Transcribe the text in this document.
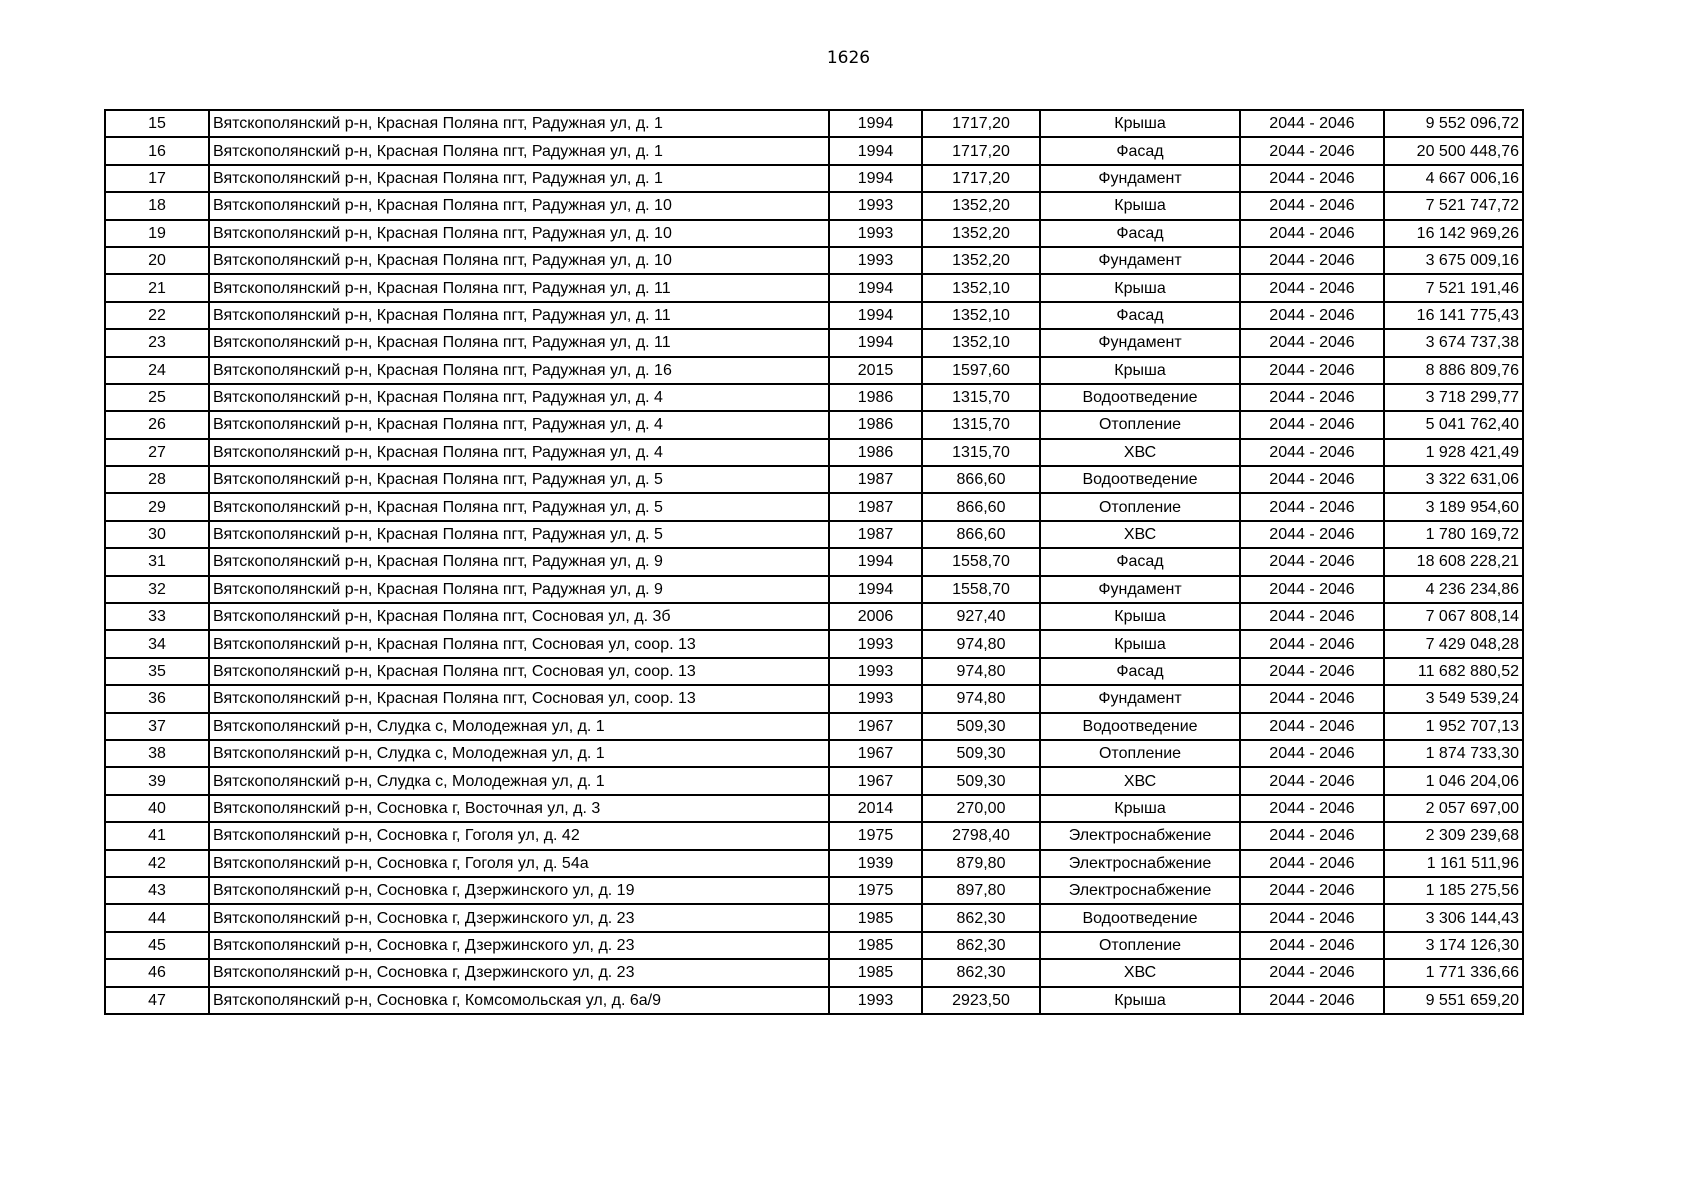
1626
15	Вятскополянский р-н, Красная Поляна пгт, Радужная ул, д. 1	1994	1717,20	Крыша	2044 - 2046	9 552 096,72
16	Вятскополянский р-н, Красная Поляна пгт, Радужная ул, д. 1	1994	1717,20	Фасад	2044 - 2046	20 500 448,76
17	Вятскополянский р-н, Красная Поляна пгт, Радужная ул, д. 1	1994	1717,20	Фундамент	2044 - 2046	4 667 006,16
18	Вятскополянский р-н, Красная Поляна пгт, Радужная ул, д. 10	1993	1352,20	Крыша	2044 - 2046	7 521 747,72
19	Вятскополянский р-н, Красная Поляна пгт, Радужная ул, д. 10	1993	1352,20	Фасад	2044 - 2046	16 142 969,26
20	Вятскополянский р-н, Красная Поляна пгт, Радужная ул, д. 10	1993	1352,20	Фундамент	2044 - 2046	3 675 009,16
21	Вятскополянский р-н, Красная Поляна пгт, Радужная ул, д. 11	1994	1352,10	Крыша	2044 - 2046	7 521 191,46
22	Вятскополянский р-н, Красная Поляна пгт, Радужная ул, д. 11	1994	1352,10	Фасад	2044 - 2046	16 141 775,43
23	Вятскополянский р-н, Красная Поляна пгт, Радужная ул, д. 11	1994	1352,10	Фундамент	2044 - 2046	3 674 737,38
24	Вятскополянский р-н, Красная Поляна пгт, Радужная ул, д. 16	2015	1597,60	Крыша	2044 - 2046	8 886 809,76
25	Вятскополянский р-н, Красная Поляна пгт, Радужная ул, д. 4	1986	1315,70	Водоотведение	2044 - 2046	3 718 299,77
26	Вятскополянский р-н, Красная Поляна пгт, Радужная ул, д. 4	1986	1315,70	Отопление	2044 - 2046	5 041 762,40
27	Вятскополянский р-н, Красная Поляна пгт, Радужная ул, д. 4	1986	1315,70	ХВС	2044 - 2046	1 928 421,49
28	Вятскополянский р-н, Красная Поляна пгт, Радужная ул, д. 5	1987	866,60	Водоотведение	2044 - 2046	3 322 631,06
29	Вятскополянский р-н, Красная Поляна пгт, Радужная ул, д. 5	1987	866,60	Отопление	2044 - 2046	3 189 954,60
30	Вятскополянский р-н, Красная Поляна пгт, Радужная ул, д. 5	1987	866,60	ХВС	2044 - 2046	1 780 169,72
31	Вятскополянский р-н, Красная Поляна пгт, Радужная ул, д. 9	1994	1558,70	Фасад	2044 - 2046	18 608 228,21
32	Вятскополянский р-н, Красная Поляна пгт, Радужная ул, д. 9	1994	1558,70	Фундамент	2044 - 2046	4 236 234,86
33	Вятскополянский р-н, Красная Поляна пгт, Сосновая ул, д. 3б	2006	927,40	Крыша	2044 - 2046	7 067 808,14
34	Вятскополянский р-н, Красная Поляна пгт, Сосновая ул, соор. 13	1993	974,80	Крыша	2044 - 2046	7 429 048,28
35	Вятскополянский р-н, Красная Поляна пгт, Сосновая ул, соор. 13	1993	974,80	Фасад	2044 - 2046	11 682 880,52
36	Вятскополянский р-н, Красная Поляна пгт, Сосновая ул, соор. 13	1993	974,80	Фундамент	2044 - 2046	3 549 539,24
37	Вятскополянский р-н, Слудка с, Молодежная ул, д. 1	1967	509,30	Водоотведение	2044 - 2046	1 952 707,13
38	Вятскополянский р-н, Слудка с, Молодежная ул, д. 1	1967	509,30	Отопление	2044 - 2046	1 874 733,30
39	Вятскополянский р-н, Слудка с, Молодежная ул, д. 1	1967	509,30	ХВС	2044 - 2046	1 046 204,06
40	Вятскополянский р-н, Сосновка г, Восточная ул, д. 3	2014	270,00	Крыша	2044 - 2046	2 057 697,00
41	Вятскополянский р-н, Сосновка г, Гоголя ул, д. 42	1975	2798,40	Электроснабжение	2044 - 2046	2 309 239,68
42	Вятскополянский р-н, Сосновка г, Гоголя ул, д. 54а	1939	879,80	Электроснабжение	2044 - 2046	1 161 511,96
43	Вятскополянский р-н, Сосновка г, Дзержинского ул, д. 19	1975	897,80	Электроснабжение	2044 - 2046	1 185 275,56
44	Вятскополянский р-н, Сосновка г, Дзержинского ул, д. 23	1985	862,30	Водоотведение	2044 - 2046	3 306 144,43
45	Вятскополянский р-н, Сосновка г, Дзержинского ул, д. 23	1985	862,30	Отопление	2044 - 2046	3 174 126,30
46	Вятскополянский р-н, Сосновка г, Дзержинского ул, д. 23	1985	862,30	ХВС	2044 - 2046	1 771 336,66
47	Вятскополянский р-н, Сосновка г, Комсомольская ул, д. 6а/9	1993	2923,50	Крыша	2044 - 2046	9 551 659,20
